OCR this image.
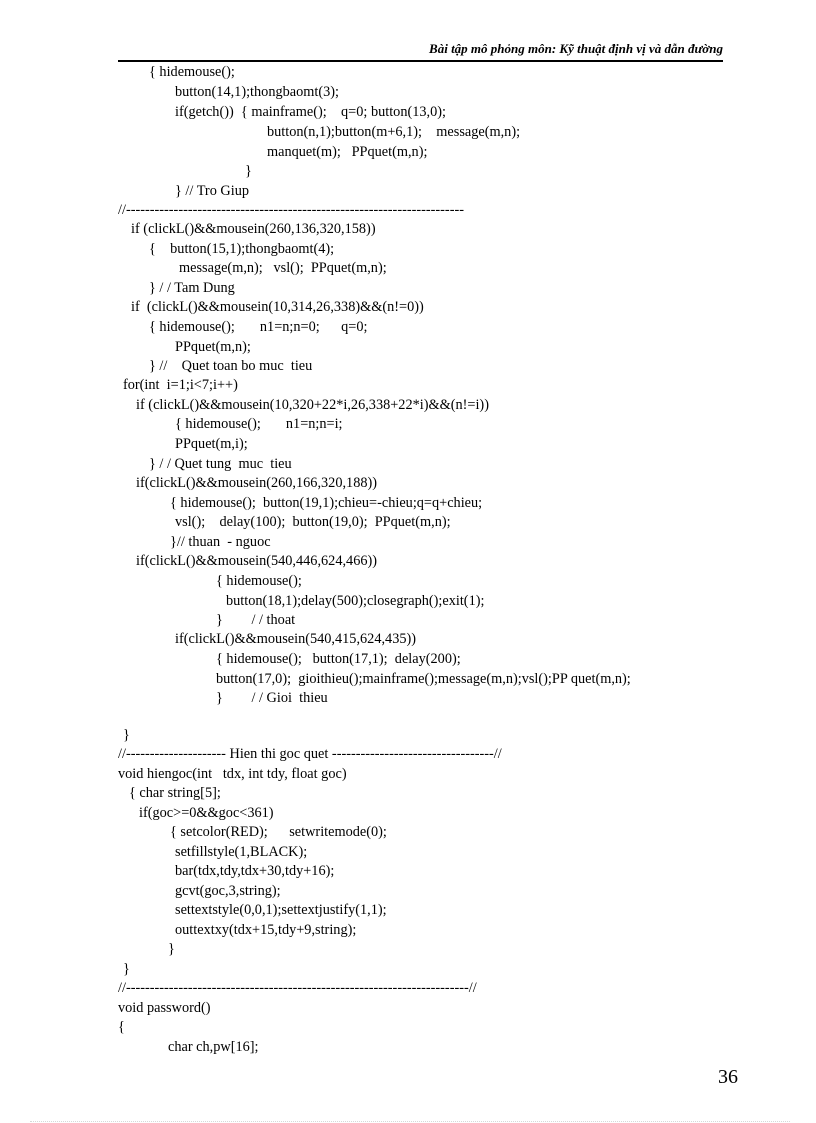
Bài tập mô phỏng môn: Kỹ thuật định vị và dẫn đường
{ hidemouse();
button(14,1);thongbaomt(3);
if(getch())  { mainframe();    q=0; button(13,0);
button(n,1);button(m+6,1);    message(m,n);
manquet(m);   PPquet(m,n);
}
} // Tro Giup
//-----------------------------------------------------------------------
if (clickL()&&mousein(260,136,320,158))
{    button(15,1);thongbaomt(4);
message(m,n);   vsl();  PPquet(m,n);
} / / Tam Dung
if  (clickL()&&mousein(10,314,26,338)&&(n!=0))
{ hidemouse();       n1=n;n=0;      q=0;
PPquet(m,n);
} //    Quet toan bo muc  tieu
for(int  i=1;i<7;i++)
if (clickL()&&mousein(10,320+22*i,26,338+22*i)&&(n!=i))
{ hidemouse();       n1=n;n=i;
PPquet(m,i);
} / / Quet tung  muc  tieu
if(clickL()&&mousein(260,166,320,188))
{ hidemouse();  button(19,1);chieu=-chieu;q=q+chieu;
vsl();    delay(100);  button(19,0);  PPquet(m,n);
}// thuan  - nguoc
if(clickL()&&mousein(540,446,624,466))
{ hidemouse();
button(18,1);delay(500);closegraph();exit(1);
}        / / thoat
if(clickL()&&mousein(540,415,624,435))
{ hidemouse();   button(17,1);  delay(200);
button(17,0);  gioithieu();mainframe();message(m,n);vsl();PP quet(m,n);
}        / / Gioi  thieu
}
//--------------------- Hien thi goc quet ----------------------------------//
void hiengoc(int   tdx, int tdy, float goc)
{ char string[5];
if(goc>=0&&goc<361)
{ setcolor(RED);      setwritemode(0);
setfillstyle(1,BLACK);
bar(tdx,tdy,tdx+30,tdy+16);
gcvt(goc,3,string);
settextstyle(0,0,1);settextjustify(1,1);
outtextxy(tdx+15,tdy+9,string);
}
}
//------------------------------------------------------------------------//
void password()
{
char ch,pw[16];
36
